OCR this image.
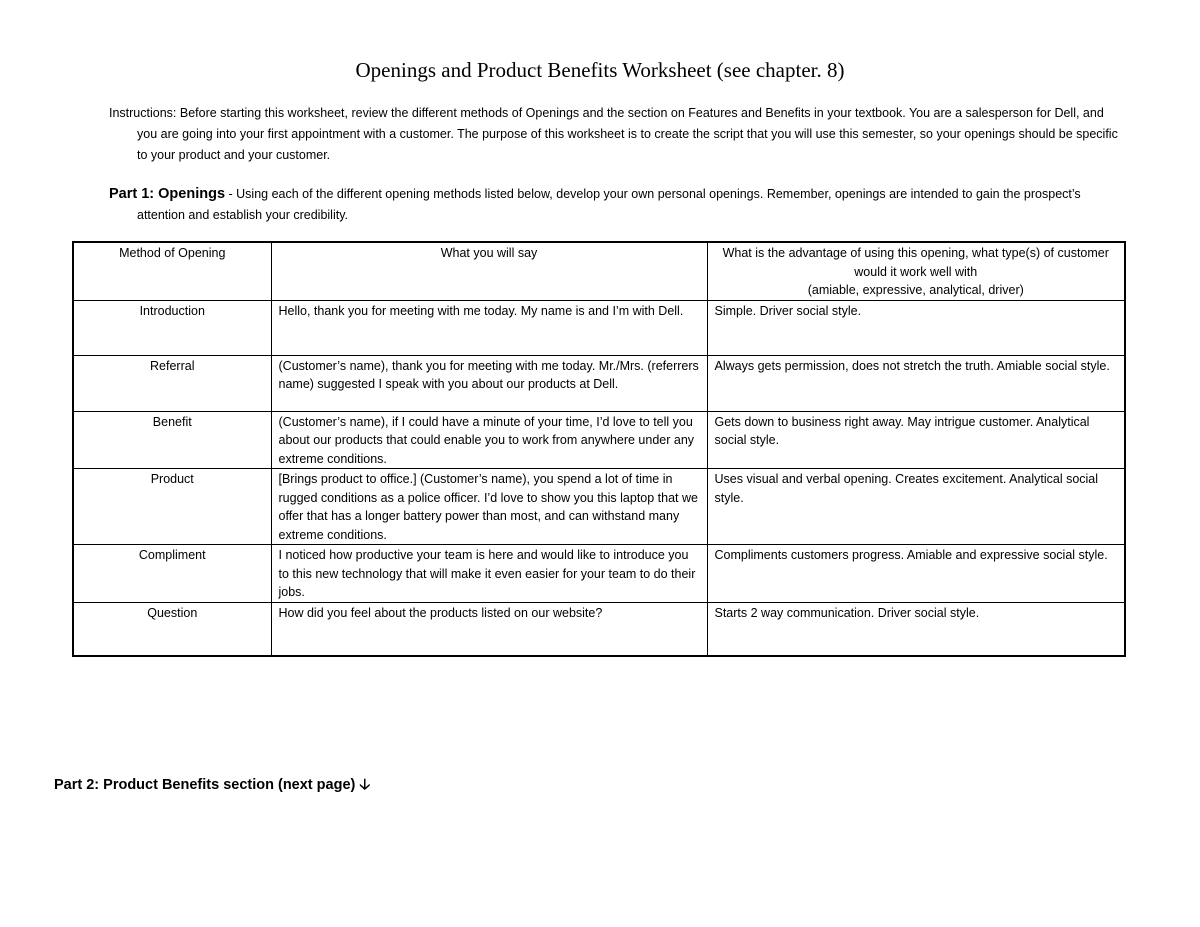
Openings and Product Benefits Worksheet (see chapter. 8)
Instructions: Before starting this worksheet, review the different methods of Openings and the section on Features and Benefits in your textbook. You are a salesperson for Dell, and you are going into your first appointment with a customer. The purpose of this worksheet is to create the script that you will use this semester, so your openings should be specific to your product and your customer.
Part 1: Openings - Using each of the different opening methods listed below, develop your own personal openings. Remember, openings are intended to gain the prospect’s attention and establish your credibility.
Method of Opening	What you will say	What is the advantage of using this opening, what type(s) of customer would it work well with
(amiable, expressive, analytical, driver)
Introduction	Hello, thank you for meeting with me today. My name is and I’m with Dell.	Simple. Driver social style.
Referral	(Customer’s name), thank you for meeting with me today. Mr./Mrs. (referrers name) suggested I speak with you about our products at Dell.	Always gets permission, does not stretch the truth. Amiable social style.
Benefit	(Customer’s name), if I could have a minute of your time, I’d love to tell you about our products that could enable you to work from anywhere under any extreme conditions.	Gets down to business right away. May intrigue customer. Analytical social style.
Product	[Brings product to office.] (Customer’s name), you spend a lot of time in rugged conditions as a police officer. I’d love to show you this laptop that we offer that has a longer battery power than most, and can withstand many extreme conditions.	Uses visual and verbal opening. Creates excitement. Analytical social style.
Compliment	I noticed how productive your team is here and would like to introduce you to this new technology that will make it even easier for your team to do their jobs.	Compliments customers progress. Amiable and expressive social style.
Question	How did you feel about the products listed on our website?	Starts 2 way communication. Driver social style.
Part 2: Product Benefits section (next page) 🡣
